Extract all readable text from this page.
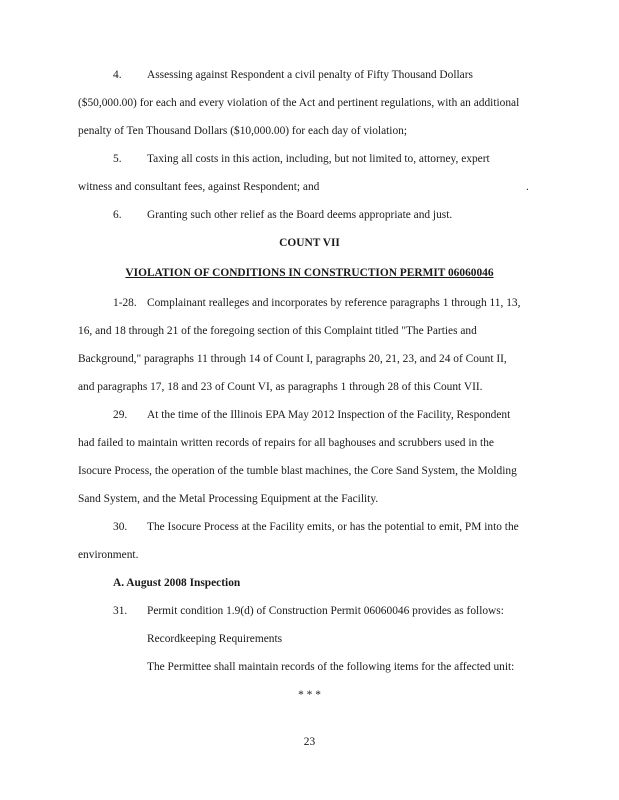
4. Assessing against Respondent a civil penalty of Fifty Thousand Dollars
($50,000.00) for each and every violation of the Act and pertinent regulations, with an additional
penalty of Ten Thousand Dollars ($10,000.00) for each day of violation;
5. Taxing all costs in this action, including, but not limited to, attorney, expert
witness and consultant fees, against Respondent; and	.
6. Granting such other relief as the Board deems appropriate and just.
COUNT VII
VIOLATION OF CONDITIONS IN CONSTRUCTION PERMIT 06060046
1-28. Complainant realleges and incorporates by reference paragraphs 1 through 11, 13,
16, and 18 through 21 of the foregoing section of this Complaint titled "The Parties and
Background," paragraphs 11 through 14 of Count I, paragraphs 20, 21, 23, and 24 of Count II,
and paragraphs 17, 18 and 23 of Count VI, as paragraphs 1 through 28 of this Count VII.
29. At the time of the Illinois EPA May 2012 Inspection of the Facility, Respondent
had failed to maintain written records of repairs for all baghouses and scrubbers used in the
Isocure Process, the operation of the tumble blast machines, the Core Sand System, the Molding
Sand System, and the Metal Processing Equipment at the Facility.
30. The Isocure Process at the Facility emits, or has the potential to emit, PM into the
environment.
A. August 2008 Inspection
31. Permit condition 1.9(d) of Construction Permit 06060046 provides as follows:
Recordkeeping Requirements
The Permittee shall maintain records of the following items for the affected unit:
* * *
23
